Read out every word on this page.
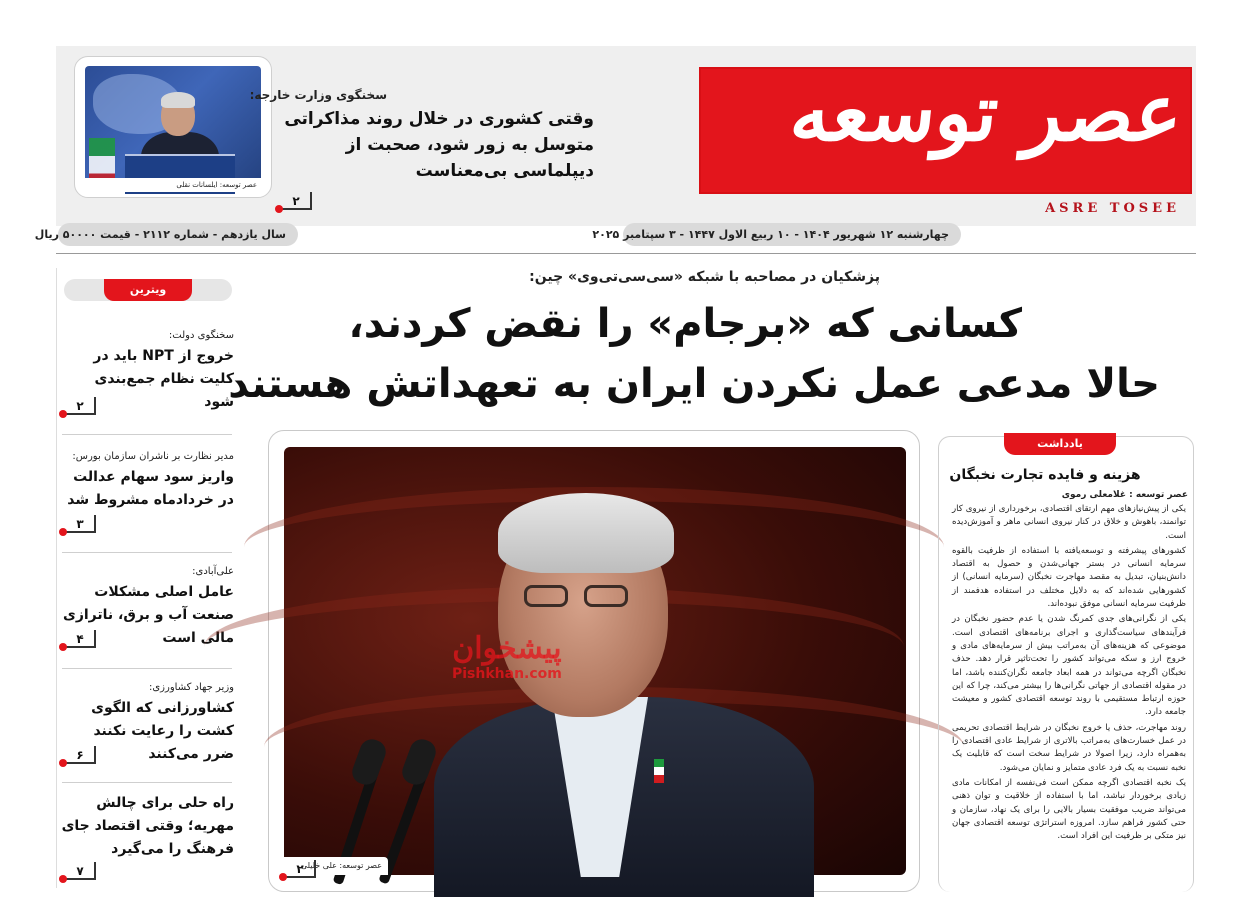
عصر توسعه
ASRE TOSEE
عصر توسعه: ایلسانات نقلی
سخنگوی وزارت خارجه:
وقتی کشوری در خلال روند مذاکراتی متوسل به زور شود، صحبت از دیپلماسی بی‌معناست
۲
چهارشنبه ۱۲ شهریور ۱۴۰۴ - ۱۰ ربیع الاول ۱۴۴۷ - ۳ سپتامبر ۲۰۲۵
سال یازدهم - شماره ۲۱۱۲ - قیمت ۵۰۰۰۰ ریال
ویترین
سخنگوی دولت:
خروج از NPT باید در کلیت نظام جمع‌بندی شود
۲
مدیر نظارت بر ناشران سازمان بورس:
واریز سود سهام عدالت در خردادماه مشروط شد
۳
علی‌آبادی:
عامل اصلی مشکلات صنعت آب و برق، ناترازی مالی است
۴
وزیر جهاد کشاورزی:
کشاورزانی که الگوی کشت را رعایت نکنند ضرر می‌کنند
۶
راه حلی برای چالش مهریه؛ وقتی اقتصاد جای فرهنگ را می‌گیرد
۷
پزشکیان در مصاحبه با شبکه «سی‌سی‌تی‌وی» چین:
کسانی که «برجام» را نقض کردند،
حالا مدعی عمل نکردن ایران به تعهداتش هستند
عصر توسعه: علی خلیلی
۲
پیشخوان
Pishkhan.com
یادداشت
هزینه و فایده تجارت نخبگان
عصر توسعه : غلامعلی رموی

یکی از پیش‌نیازهای مهم ارتقای اقتصادی، برخورداری از نیروی کار توانمند، باهوش و خلاق در کنار نیروی انسانی ماهر و آموزش‌دیده است.

کشورهای پیشرفته و توسعه‌یافته با استفاده از ظرفیت بالقوه سرمایه انسانی در بستر جهانی‌شدن و حصول به اقتصاد دانش‌بنیان، تبدیل به مقصد مهاجرت نخبگان (سرمایه انسانی) از کشورهایی شده‌اند که به دلایل مختلف در استفاده هدفمند از ظرفیت سرمایه انسانی موفق نبوده‌اند.

یکی از نگرانی‌های جدی کمرنگ شدن یا عدم حضور نخبگان در فرآیندهای سیاست‌گذاری و اجرای برنامه‌های اقتصادی است. موضوعی که هزینه‌های آن به‌مراتب بیش از سرمایه‌های مادی و خروج ارز و سکه می‌تواند کشور را تحت‌تاثیر قرار دهد. حذف نخبگان اگرچه می‌تواند در همه ابعاد جامعه نگران‌کننده باشد، اما در مقوله اقتصادی از جهاتی نگرانی‌ها را بیشتر می‌کند، چرا که این حوزه ارتباط مستقیمی با روند توسعه اقتصادی کشور و معیشت جامعه دارد.

روند مهاجرت، حذف یا خروج نخبگان در شرایط اقتصادی تحریمی در عمل خسارت‌های به‌مراتب بالاتری از شرایط عادی اقتصادی را به‌همراه دارد، زیرا اصولا در شرایط سخت است که قابلیت یک نخبه نسبت به یک فرد عادی متمایز و نمایان می‌شود.

یک نخبه اقتصادی اگرچه ممکن است فی‌نفسه از امکانات مادی زیادی برخوردار نباشد، اما با استفاده از خلاقیت و توان ذهنی می‌تواند ضریب موفقیت بسیار بالایی را برای یک نهاد، سازمان و حتی کشور فراهم سازد. امروزه استراتژی توسعه اقتصادی جهان نیز متکی بر ظرفیت این افراد است.
